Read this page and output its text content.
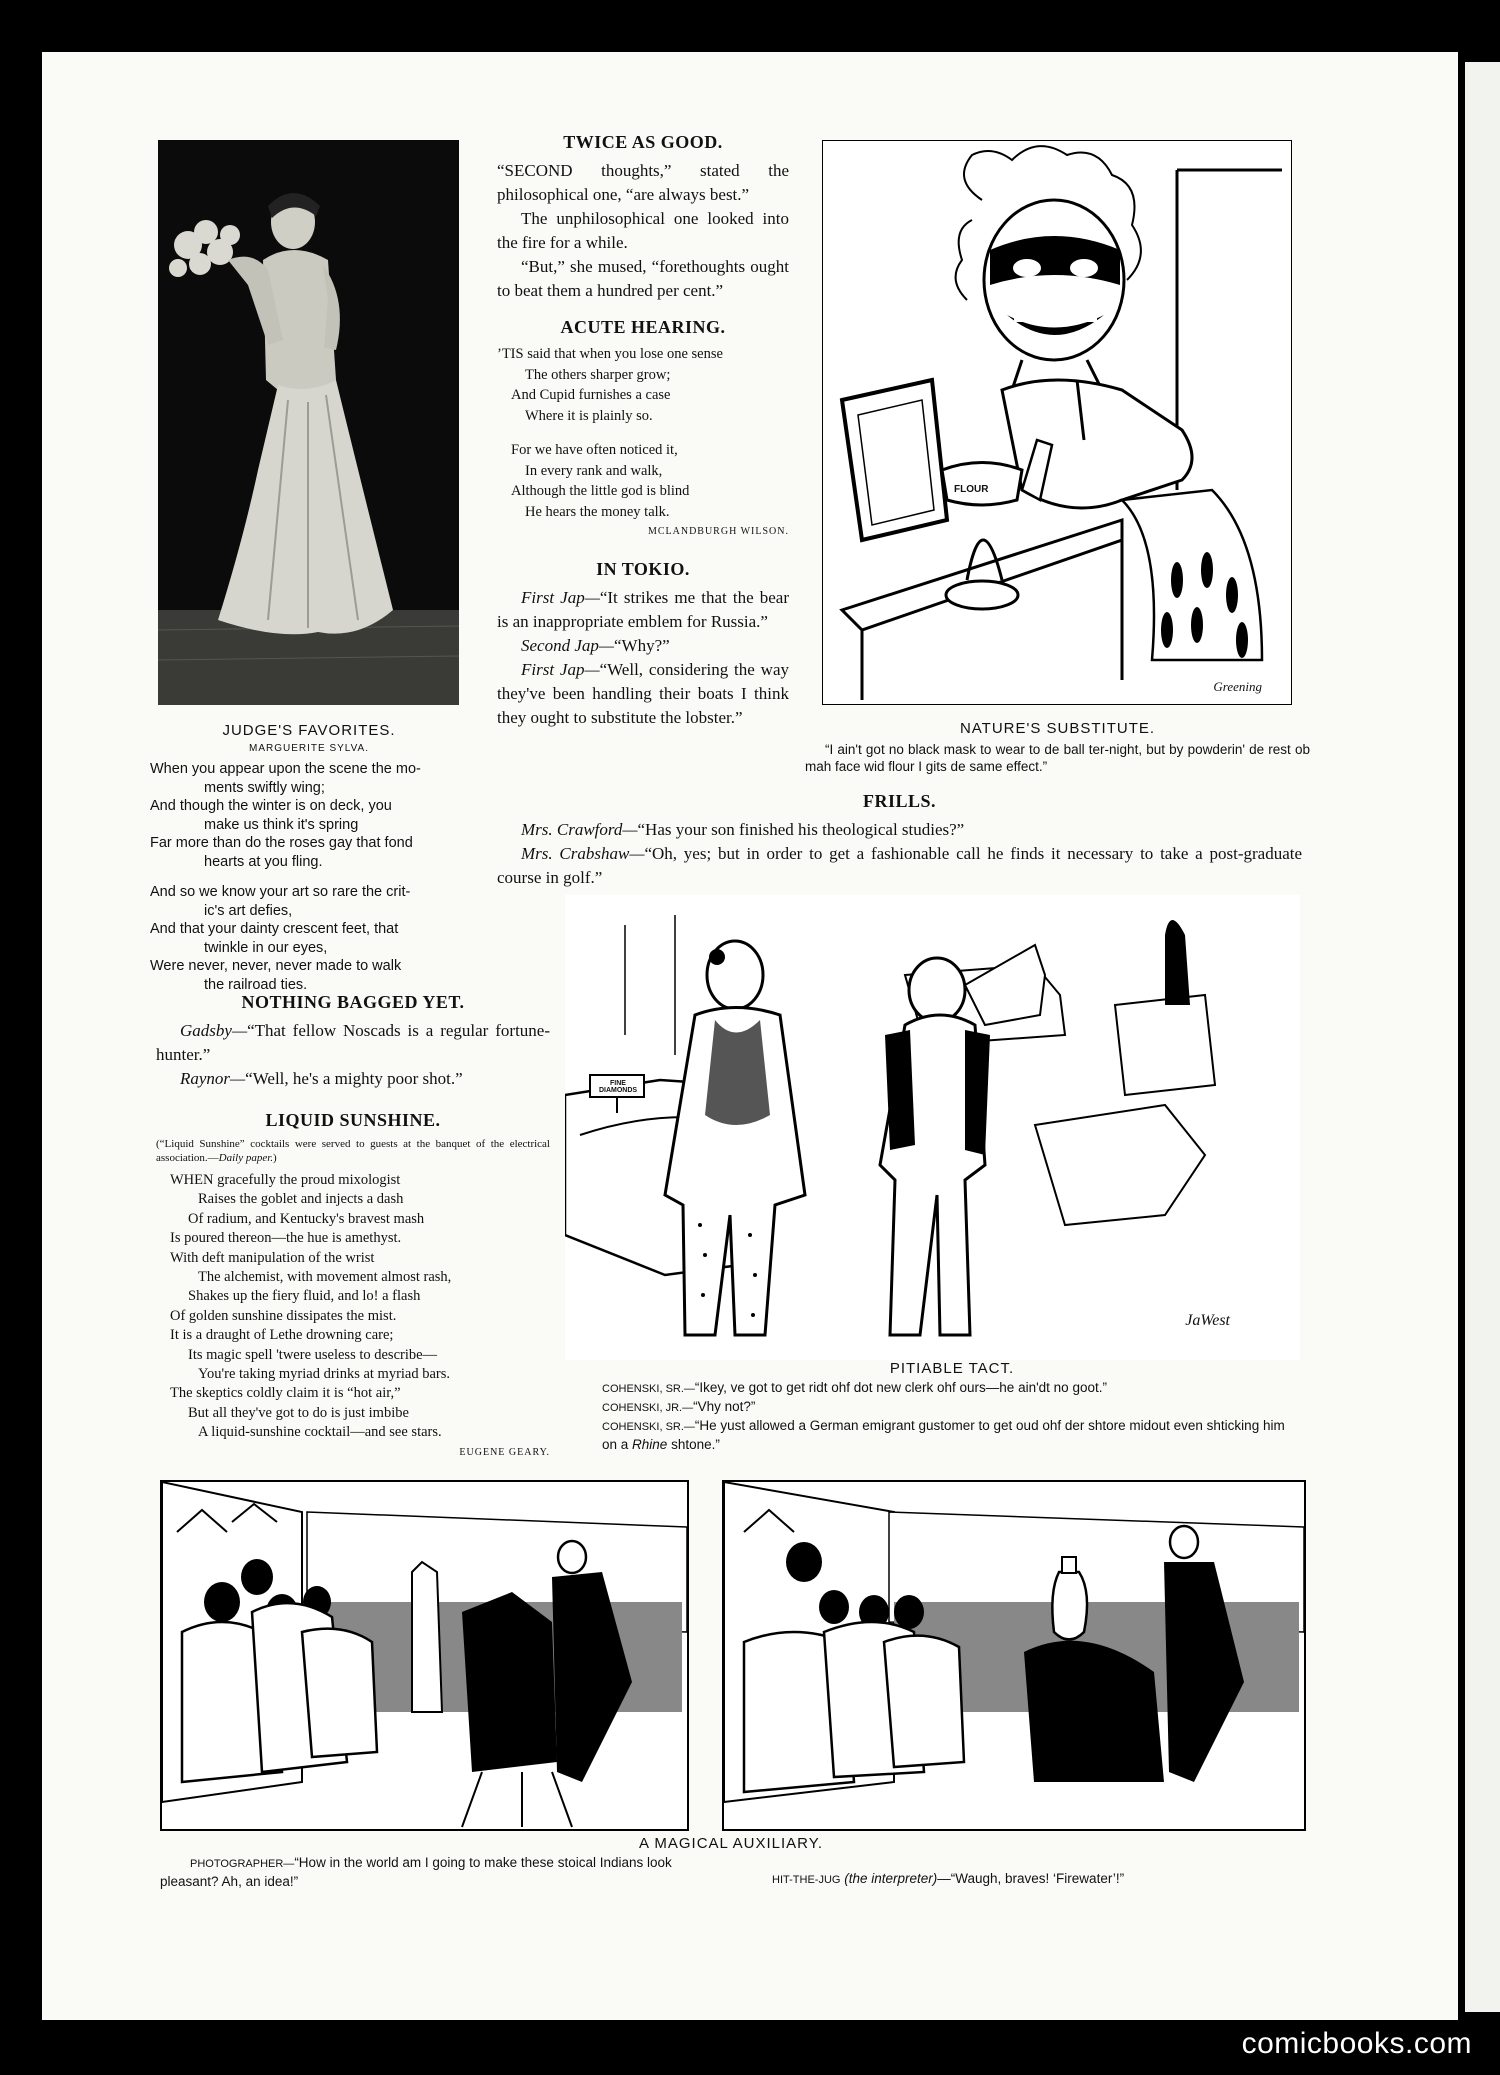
JUDGE'S FAVORITES.
MARGUERITE SYLVA.
When you appear upon the scene the mo-
ments swiftly wing;
And though the winter is on deck, you
make us think it's spring
Far more than do the roses gay that fond
hearts at you fling.
And so we know your art so rare the crit-
ic's art defies,
And that your dainty crescent feet, that
twinkle in our eyes,
Were never, never, never made to walk
the railroad ties.
TWICE AS GOOD.

“SECOND thoughts,” stated the philosophical one, “are always best.”

The unphilosophical one looked into the fire for a while.

“But,” she mused, “forethoughts ought to beat them a hundred per cent.”

ACUTE HEARING.
’TIS said that when you lose one sense
The others sharper grow;
And Cupid furnishes a case
Where it is plainly so.
For we have often noticed it,
In every rank and walk,
Although the little god is blind
He hears the money talk.
MCLANDBURGH WILSON.
IN TOKIO.

First Jap—“It strikes me that the bear is an inappropriate emblem for Russia.”

Second Jap—“Why?”

First Jap—“Well, considering the way they've been handling their boats I think they ought to substitute the lobster.”

FLOUR
Greening
NATURE'S SUBSTITUTE.
“I ain't got no black mask to wear to de ball ter-night, but by powderin' de rest ob mah face wid flour I gits de same effect.”
FRILLS.

Mrs. Crawford—“Has your son finished his theological studies?”

Mrs. Crabshaw—“Oh, yes; but in order to get a fashionable call he finds it necessary to take a post-graduate course in golf.”

NOTHING BAGGED YET.

Gadsby—“That fellow Noscads is a regular fortune-hunter.”

Raynor—“Well, he's a mighty poor shot.”

LIQUID SUNSHINE.
(“Liquid Sunshine” cocktails were served to guests at the banquet of the electrical association.—Daily paper.)
WHEN gracefully the proud mixologist
Raises the goblet and injects a dash
Of radium, and Kentucky's bravest mash
Is poured thereon—the hue is amethyst.
With deft manipulation of the wrist
The alchemist, with movement almost rash,
Shakes up the fiery fluid, and lo! a flash
Of golden sunshine dissipates the mist.
It is a draught of Lethe drowning care;
Its magic spell 'twere useless to describe—
You're taking myriad drinks at myriad bars.
The skeptics coldly claim it is “hot air,”
But all they've got to do is just imbibe
A liquid-sunshine cocktail—and see stars.
EUGENE GEARY.
FINE DIAMONDS
JaWest
PITIABLE TACT.
COHENSKI, SR.—“Ikey, ve got to get ridt ohf dot new clerk ohf ours—he ain'dt no goot.”
COHENSKI, JR.—“Vhy not?”
COHENSKI, SR.—“He yust allowed a German emigrant gustomer to get oud ohf der shtore midout even shticking him on a Rhine shtone.”
A MAGICAL AUXILIARY.
PHOTOGRAPHER—“How in the world am I going to make these stoical Indians look pleasant? Ah, an idea!”	HIT-THE-JUG (the interpreter)—“Waugh, braves! ‘Firewater’!”
comicbooks.com
